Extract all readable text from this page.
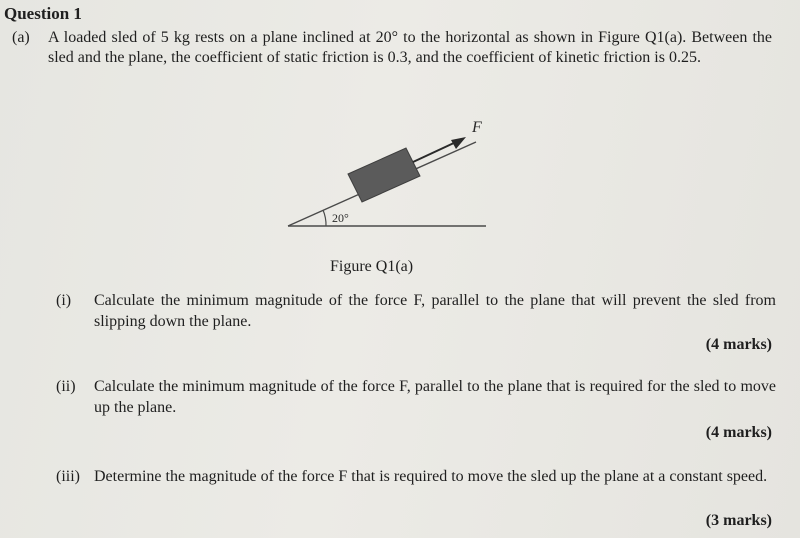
Question 1
(a) A loaded sled of 5 kg rests on a plane inclined at 20° to the horizontal as shown in Figure Q1(a). Between the sled and the plane, the coefficient of static friction is 0.3, and the coefficient of kinetic friction is 0.25.
F
20°
Figure Q1(a)
(i) Calculate the minimum magnitude of the force F, parallel to the plane that will prevent the sled from slipping down the plane.
(4 marks)
(ii) Calculate the minimum magnitude of the force F, parallel to the plane that is required for the sled to move up the plane.
(4 marks)
(iii) Determine the magnitude of the force F that is required to move the sled up the plane at a constant speed.
(3 marks)
